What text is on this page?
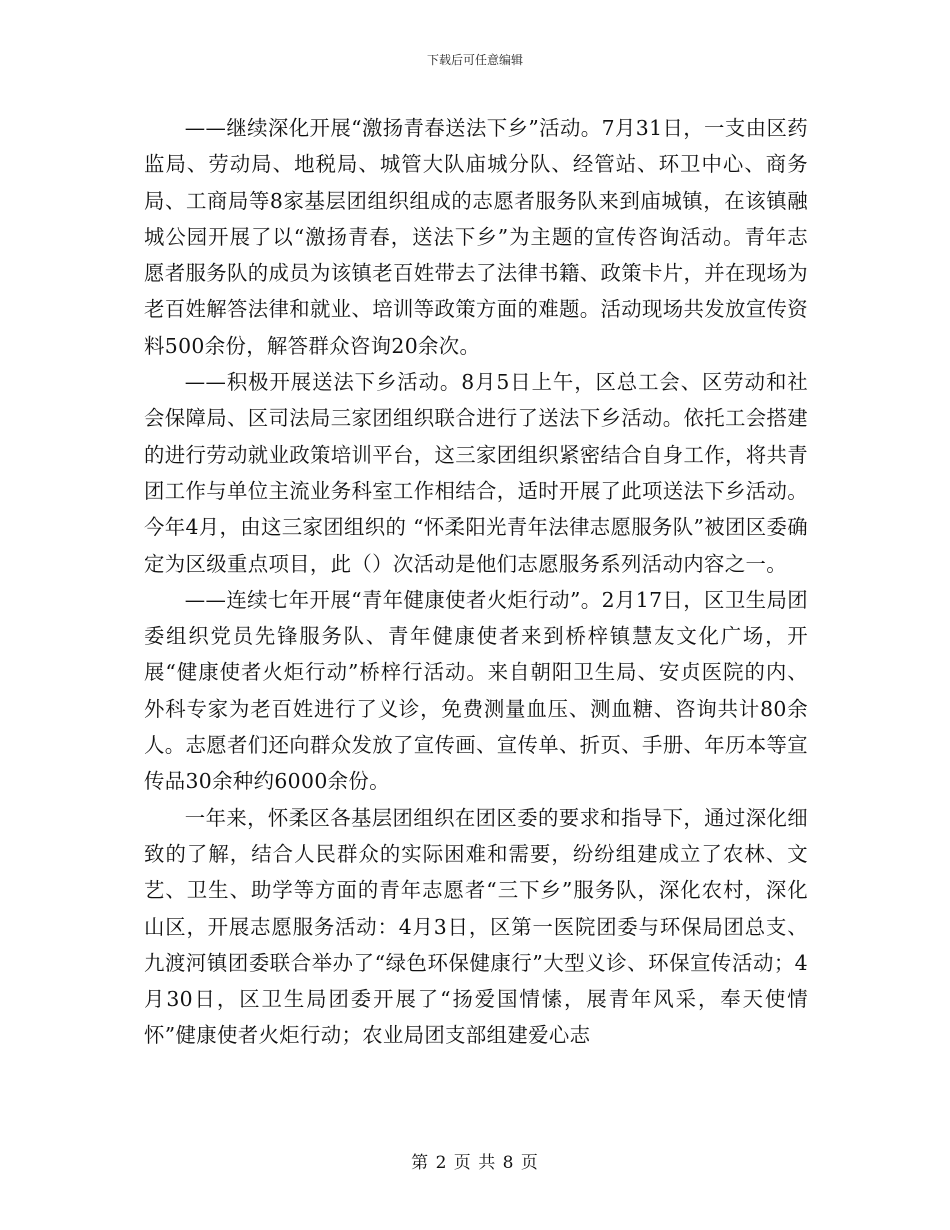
下载后可任意编辑

——继续深化开展“激扬青春送法下乡”活动。7月31日，一支由区药监局、劳动局、地税局、城管大队庙城分队、经管站、环卫中心、商务局、工商局等8家基层团组织组成的志愿者服务队来到庙城镇，在该镇融城公园开展了以“激扬青春，送法下乡”为主题的宣传咨询活动。青年志愿者服务队的成员为该镇老百姓带去了法律书籍、政策卡片，并在现场为老百姓解答法律和就业、培训等政策方面的难题。活动现场共发放宣传资料500余份，解答群众咨询20余次。

——积极开展送法下乡活动。8月5日上午，区总工会、区劳动和社会保障局、区司法局三家团组织联合进行了送法下乡活动。依托工会搭建的进行劳动就业政策培训平台，这三家团组织紧密结合自身工作，将共青团工作与单位主流业务科室工作相结合，适时开展了此项送法下乡活动。今年4月，由这三家团组织的 “怀柔阳光青年法律志愿服务队”被团区委确定为区级重点项目，此（）次活动是他们志愿服务系列活动内容之一。

——连续七年开展“青年健康使者火炬行动”。2月17日，区卫生局团委组织党员先锋服务队、青年健康使者来到桥梓镇慧友文化广场，开展“健康使者火炬行动”桥梓行活动。来自朝阳卫生局、安贞医院的内、外科专家为老百姓进行了义诊，免费测量血压、测血糖、咨询共计80余人。志愿者们还向群众发放了宣传画、宣传单、折页、手册、年历本等宣传品30余种约6000余份。

一年来，怀柔区各基层团组织在团区委的要求和指导下，通过深化细致的了解，结合人民群众的实际困难和需要，纷纷组建成立了农林、文艺、卫生、助学等方面的青年志愿者“三下乡”服务队，深化农村，深化山区，开展志愿服务活动：4月3日，区第一医院团委与环保局团总支、九渡河镇团委联合举办了“绿色环保健康行”大型义诊、环保宣传活动；4月30日，区卫生局团委开展了“扬爱国情愫，展青年风采，奉天使情怀”健康使者火炬行动；农业局团支部组建爱心志

第 2 页 共 8 页
